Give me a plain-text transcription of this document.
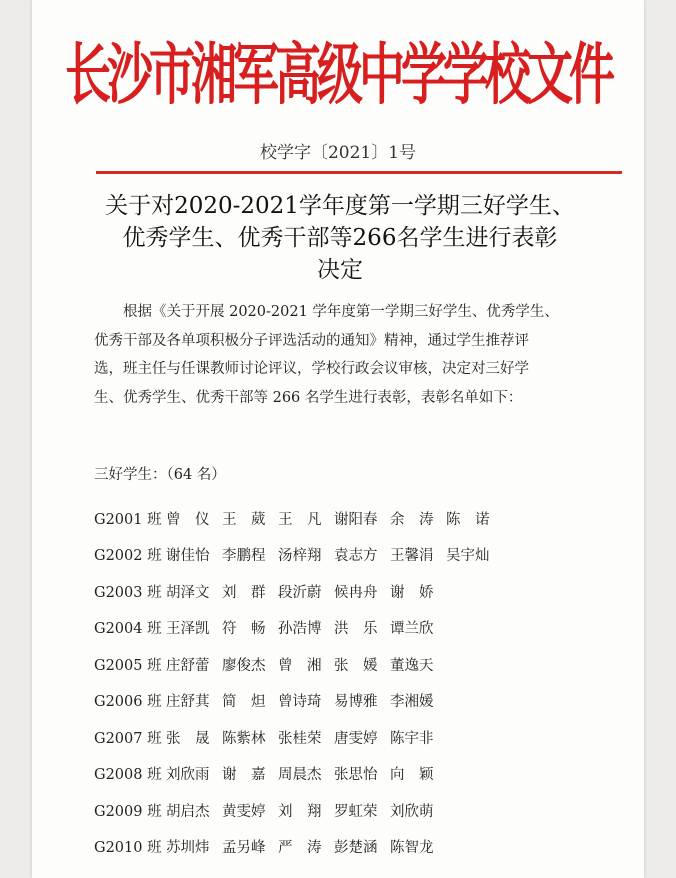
长沙市湘军高级中学学校文件
校学字〔2021〕1号
关于对2020-2021学年度第一学期三好学生、
优秀学生、优秀干部等266名学生进行表彰
决定
根据《关于开展 2020-2021 学年度第一学期三好学生、优秀学生、
优秀干部及各单项积极分子评选活动的通知》精神，通过学生推荐评
选，班主任与任课教师讨论评议，学校行政会议审核，决定对三好学
生、优秀学生、优秀干部等 266 名学生进行表彰，表彰名单如下：
三好学生：（64 名）
G2001 班 曾　仪 王　葳 王　凡 谢阳春 余　涛 陈　诺
G2002 班 谢佳怡 李鹏程 汤梓翔 袁志方 王馨涓 吴宇灿
G2003 班 胡泽文 刘　群 段沂蔚 候冉舟 谢　娇
G2004 班 王泽凯 符　畅 孙浩博 洪　乐 谭兰欣
G2005 班 庄舒蕾 廖俊杰 曾　湘 张　媛 董逸天
G2006 班 庄舒萁 简　炟 曾诗琦 易博雅 李湘媛
G2007 班 张　晟 陈紫林 张桂荣 唐雯婷 陈宇非
G2008 班 刘欣雨 谢　嘉 周晨杰 张思怡 向　颖
G2009 班 胡启杰 黄雯婷 刘　翔 罗虹荣 刘欣萌
G2010 班 苏圳炜 孟另峰 严　涛 彭楚涵 陈智龙
